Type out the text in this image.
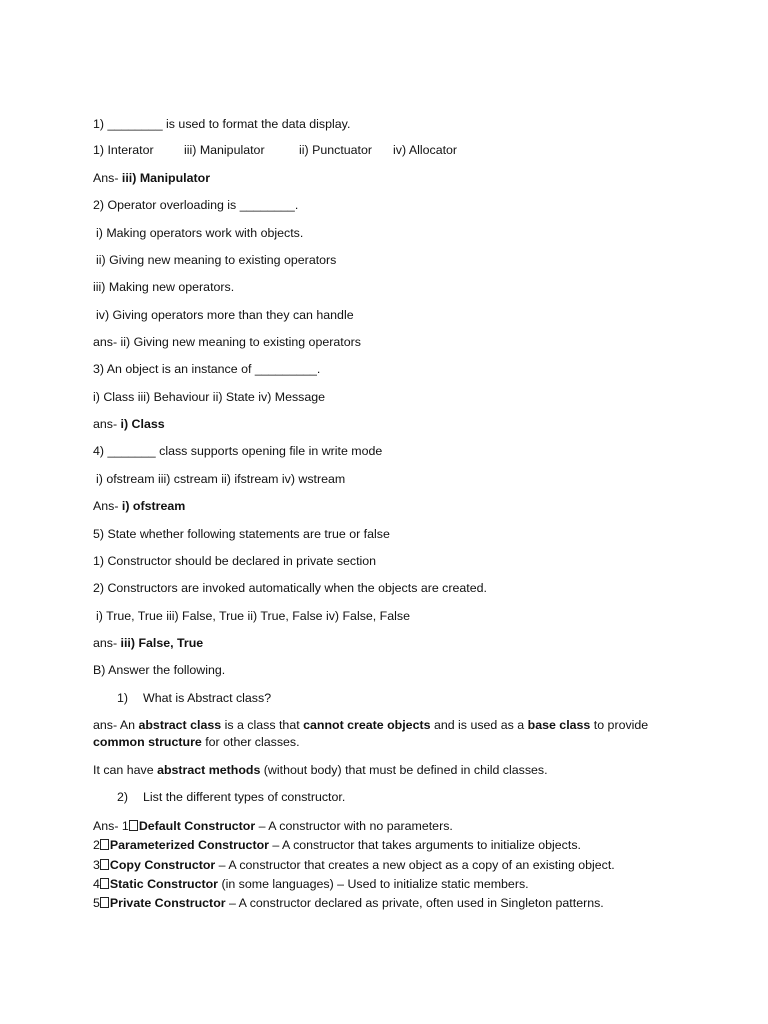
1) ________ is used to format the data display.

1) Interator iii) Manipulator	ii) Punctuator iv) Allocator

Ans- iii) Manipulator

2) Operator overloading is ________.

i) Making operators work with objects.

ii) Giving new meaning to existing operators

iii) Making new operators.

iv) Giving operators more than they can handle

ans- ii) Giving new meaning to existing operators

3) An object is an instance of _________.

i) Class iii) Behaviour ii) State iv) Message

ans- i) Class

4) _______ class supports opening file in write mode

i) ofstream iii) cstream ii) ifstream iv) wstream

Ans- i) ofstream

5) State whether following statements are true or false

1) Constructor should be declared in private section

2) Constructors are invoked automatically when the objects are created.

i) True, True iii) False, True ii) True, False iv) False, False

ans- iii) False, True

B) Answer the following.

1) What is Abstract class?

ans- An abstract class is a class that cannot create objects and is used as a base class to provide

common structure for other classes.

It can have abstract methods (without body) that must be defined in child classes.

2) List the different types of constructor.

Ans- 1 Default Constructor – A constructor with no parameters.

2 Parameterized Constructor – A constructor that takes arguments to initialize objects.

3 Copy Constructor – A constructor that creates a new object as a copy of an existing object.

4 Static Constructor (in some languages) – Used to initialize static members.

5 Private Constructor – A constructor declared as private, often used in Singleton patterns.
